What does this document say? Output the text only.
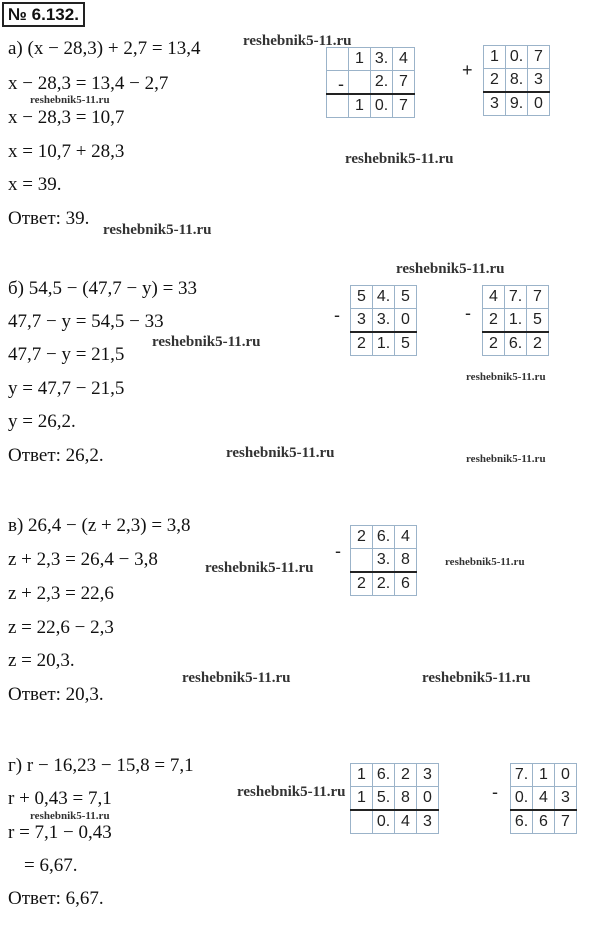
№ 6.132.
а) (x − 28,3) + 2,7 = 13,4
x − 28,3 = 13,4 − 2,7
x − 28,3 = 10,7
x = 10,7 + 28,3
x = 39.
Ответ: 39.
б) 54,5 − (47,7 − y) = 33
47,7 − y = 54,5 − 33
47,7 − y = 21,5
y = 47,7 − 21,5
y = 26,2.
Ответ: 26,2.
в) 26,4 − (z + 2,3) = 3,8
z + 2,3 = 26,4 − 3,8
z + 2,3 = 22,6
z = 22,6 − 2,3
z = 20,3.
Ответ: 20,3.
г) r − 16,23 − 15,8 = 7,1
r + 0,43 = 7,1
r = 7,1 − 0,43
= 6,67.
Ответ: 6,67.
-
	1	3.	4
		2.	7
	1	0.	7
+
1	0.	7
2	8.	3
3	9.	0
-
5	4.	5
3	3.	0
2	1.	5
-
4	7.	7
2	1.	5
2	6.	2
-
2	6.	4
	3.	8
2	2.	6
1	6.	2	3
1	5.	8	0
	0.	4	3
-
7.	1	0
0.	4	3
6.	6	7
reshebnik5-11.ru
reshebnik5-11.ru
reshebnik5-11.ru
reshebnik5-11.ru
reshebnik5-11.ru
reshebnik5-11.ru
reshebnik5-11.ru
reshebnik5-11.ru	reshebnik5-11.ru
reshebnik5-11.ru	reshebnik5-11.ru
reshebnik5-11.ru	reshebnik5-11.ru
reshebnik5-11.ru
reshebnik5-11.ru
